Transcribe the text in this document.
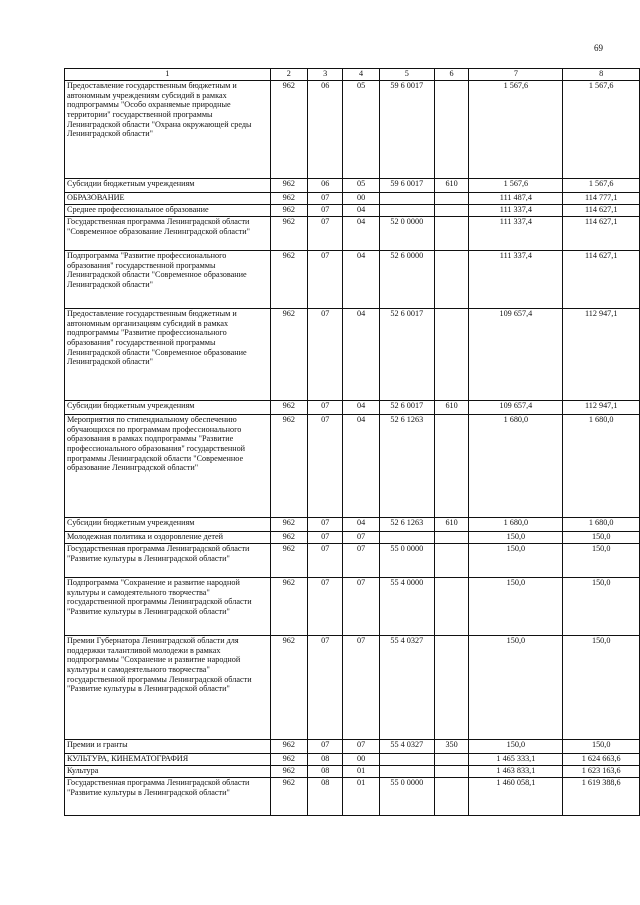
69
1	2	3	4	5	6	7	8
Предоставление государственным бюджетным и автономным учреждениям субсидий в рамках подпрограммы "Особо охраняемые природные территории" государственной программы Ленинградской области "Охрана окружающей среды Ленинградской области"	962	06	05	59 6 0017		1 567,6	1 567,6
Субсидии бюджетным учреждениям	962	06	05	59 6 0017	610	1 567,6	1 567,6
ОБРАЗОВАНИЕ	962	07	00			111 487,4	114 777,1
Среднее профессиональное образование	962	07	04			111 337,4	114 627,1
Государственная программа Ленинградской области "Современное образование Ленинградской области"	962	07	04	52 0 0000		111 337,4	114 627,1
Подпрограмма "Развитие профессионального образования" государственной программы Ленинградской области "Современное образование Ленинградской области"	962	07	04	52 6 0000		111 337,4	114 627,1
Предоставление государственным бюджетным и автономным организациям субсидий в рамках подпрограммы "Развитие профессионального образования" государственной программы Ленинградской области "Современное образование Ленинградской области"	962	07	04	52 6 0017		109 657,4	112 947,1
Субсидии бюджетным учреждениям	962	07	04	52 6 0017	610	109 657,4	112 947,1
Мероприятия по стипендиальному обеспечению обучающихся по программам профессионального образования в рамках подпрограммы "Развитие профессионального образования" государственной программы Ленинградской области "Современное образование Ленинградской области"	962	07	04	52 6 1263		1 680,0	1 680,0
Субсидии бюджетным учреждениям	962	07	04	52 6 1263	610	1 680,0	1 680,0
Молодежная политика и оздоровление детей	962	07	07			150,0	150,0
Государственная программа Ленинградской области "Развитие культуры в Ленинградской области"	962	07	07	55 0 0000		150,0	150,0
Подпрограмма "Сохранение и развитие народной культуры и самодеятельного творчества" государственной программы Ленинградской области "Развитие культуры в Ленинградской области"	962	07	07	55 4 0000		150,0	150,0
Премии Губернатора Ленинградской области для поддержки талантливой молодежи в рамках подпрограммы "Сохранение и развитие народной культуры и самодеятельного творчества" государственной программы Ленинградской области "Развитие культуры в Ленинградской области"	962	07	07	55 4 0327		150,0	150,0
Премии и гранты	962	07	07	55 4 0327	350	150,0	150,0
КУЛЬТУРА, КИНЕМАТОГРАФИЯ	962	08	00			1 465 333,1	1 624 663,6
Культура	962	08	01			1 463 833,1	1 623 163,6
Государственная программа Ленинградской области "Развитие культуры в Ленинградской области"	962	08	01	55 0 0000		1 460 058,1	1 619 388,6
